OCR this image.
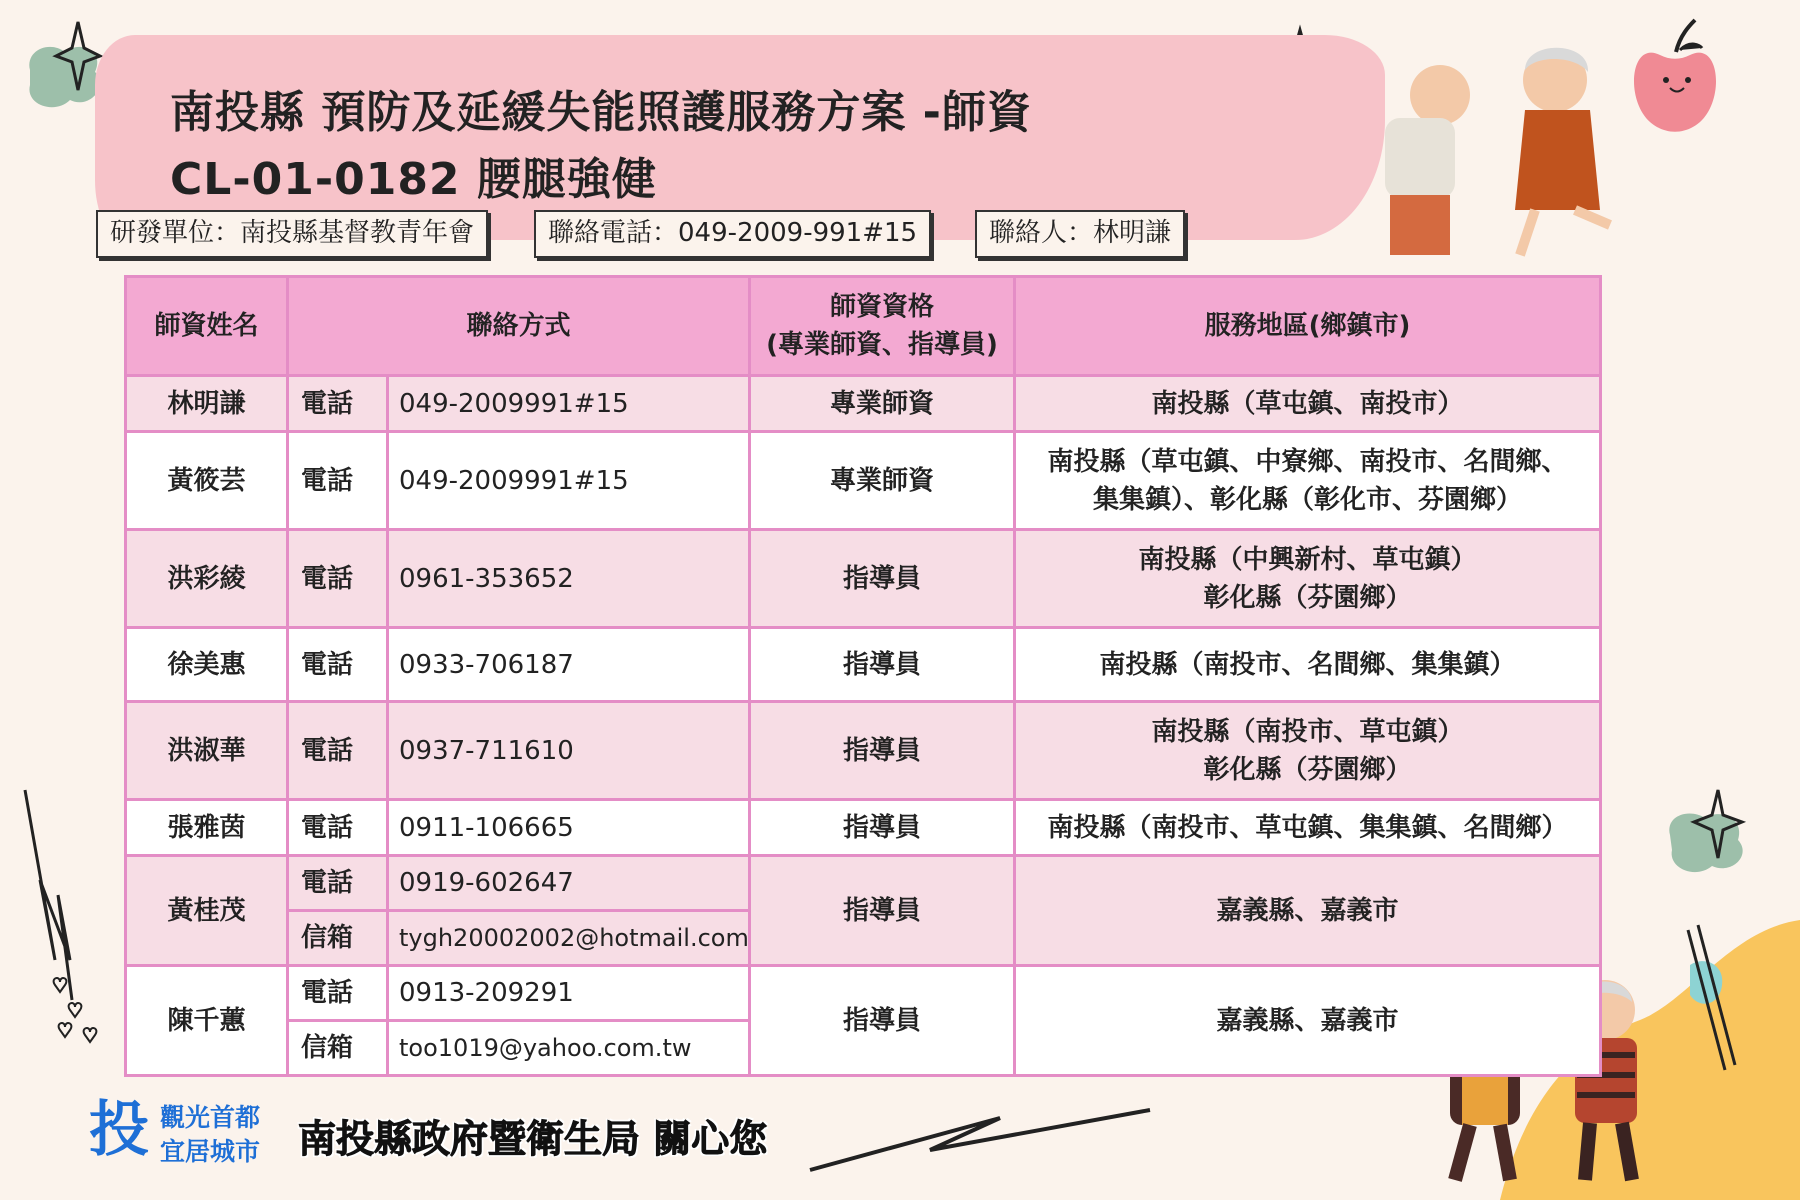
南投縣 預防及延緩失能照護服務方案 -師資
CL-01-0182 腰腿強健
研發單位：南投縣基督教青年會	聯絡電話：049-2009-991#15	聯絡人：林明謙
師資姓名	聯絡方式		師資資格
(專業師資、指導員)	服務地區(鄉鎮市)
林明謙	電話	049-2009991#15	專業師資	南投縣（草屯鎮、南投市）

黃筱芸	電話	049-2009991#15	專業師資	南投縣（草屯鎮、中寮鄉、南投市、名間鄉、
集集鎮）、彰化縣（彰化市、芬園鄉）

洪彩綾	電話	0961-353652	指導員	南投縣（中興新村、草屯鎮）
彰化縣（芬園鄉）

徐美惠	電話	0933-706187	指導員	南投縣（南投市、名間鄉、集集鎮）

洪淑華	電話	0937-711610	指導員	南投縣（南投市、草屯鎮）
彰化縣（芬園鄉）

張雅茵	電話	0911-106665	指導員	南投縣（南投市、草屯鎮、集集鎮、名間鄉）

黃桂茂	電話	0919-602647	指導員	嘉義縣、嘉義市

	信箱	tygh20002002@hotmail.com		
陳千蕙	電話	0913-209291	指導員	嘉義縣、嘉義市

	信箱	too1019@yahoo.com.tw		
投 觀光首都
宜居城市 南投縣政府暨衛生局 關心您
